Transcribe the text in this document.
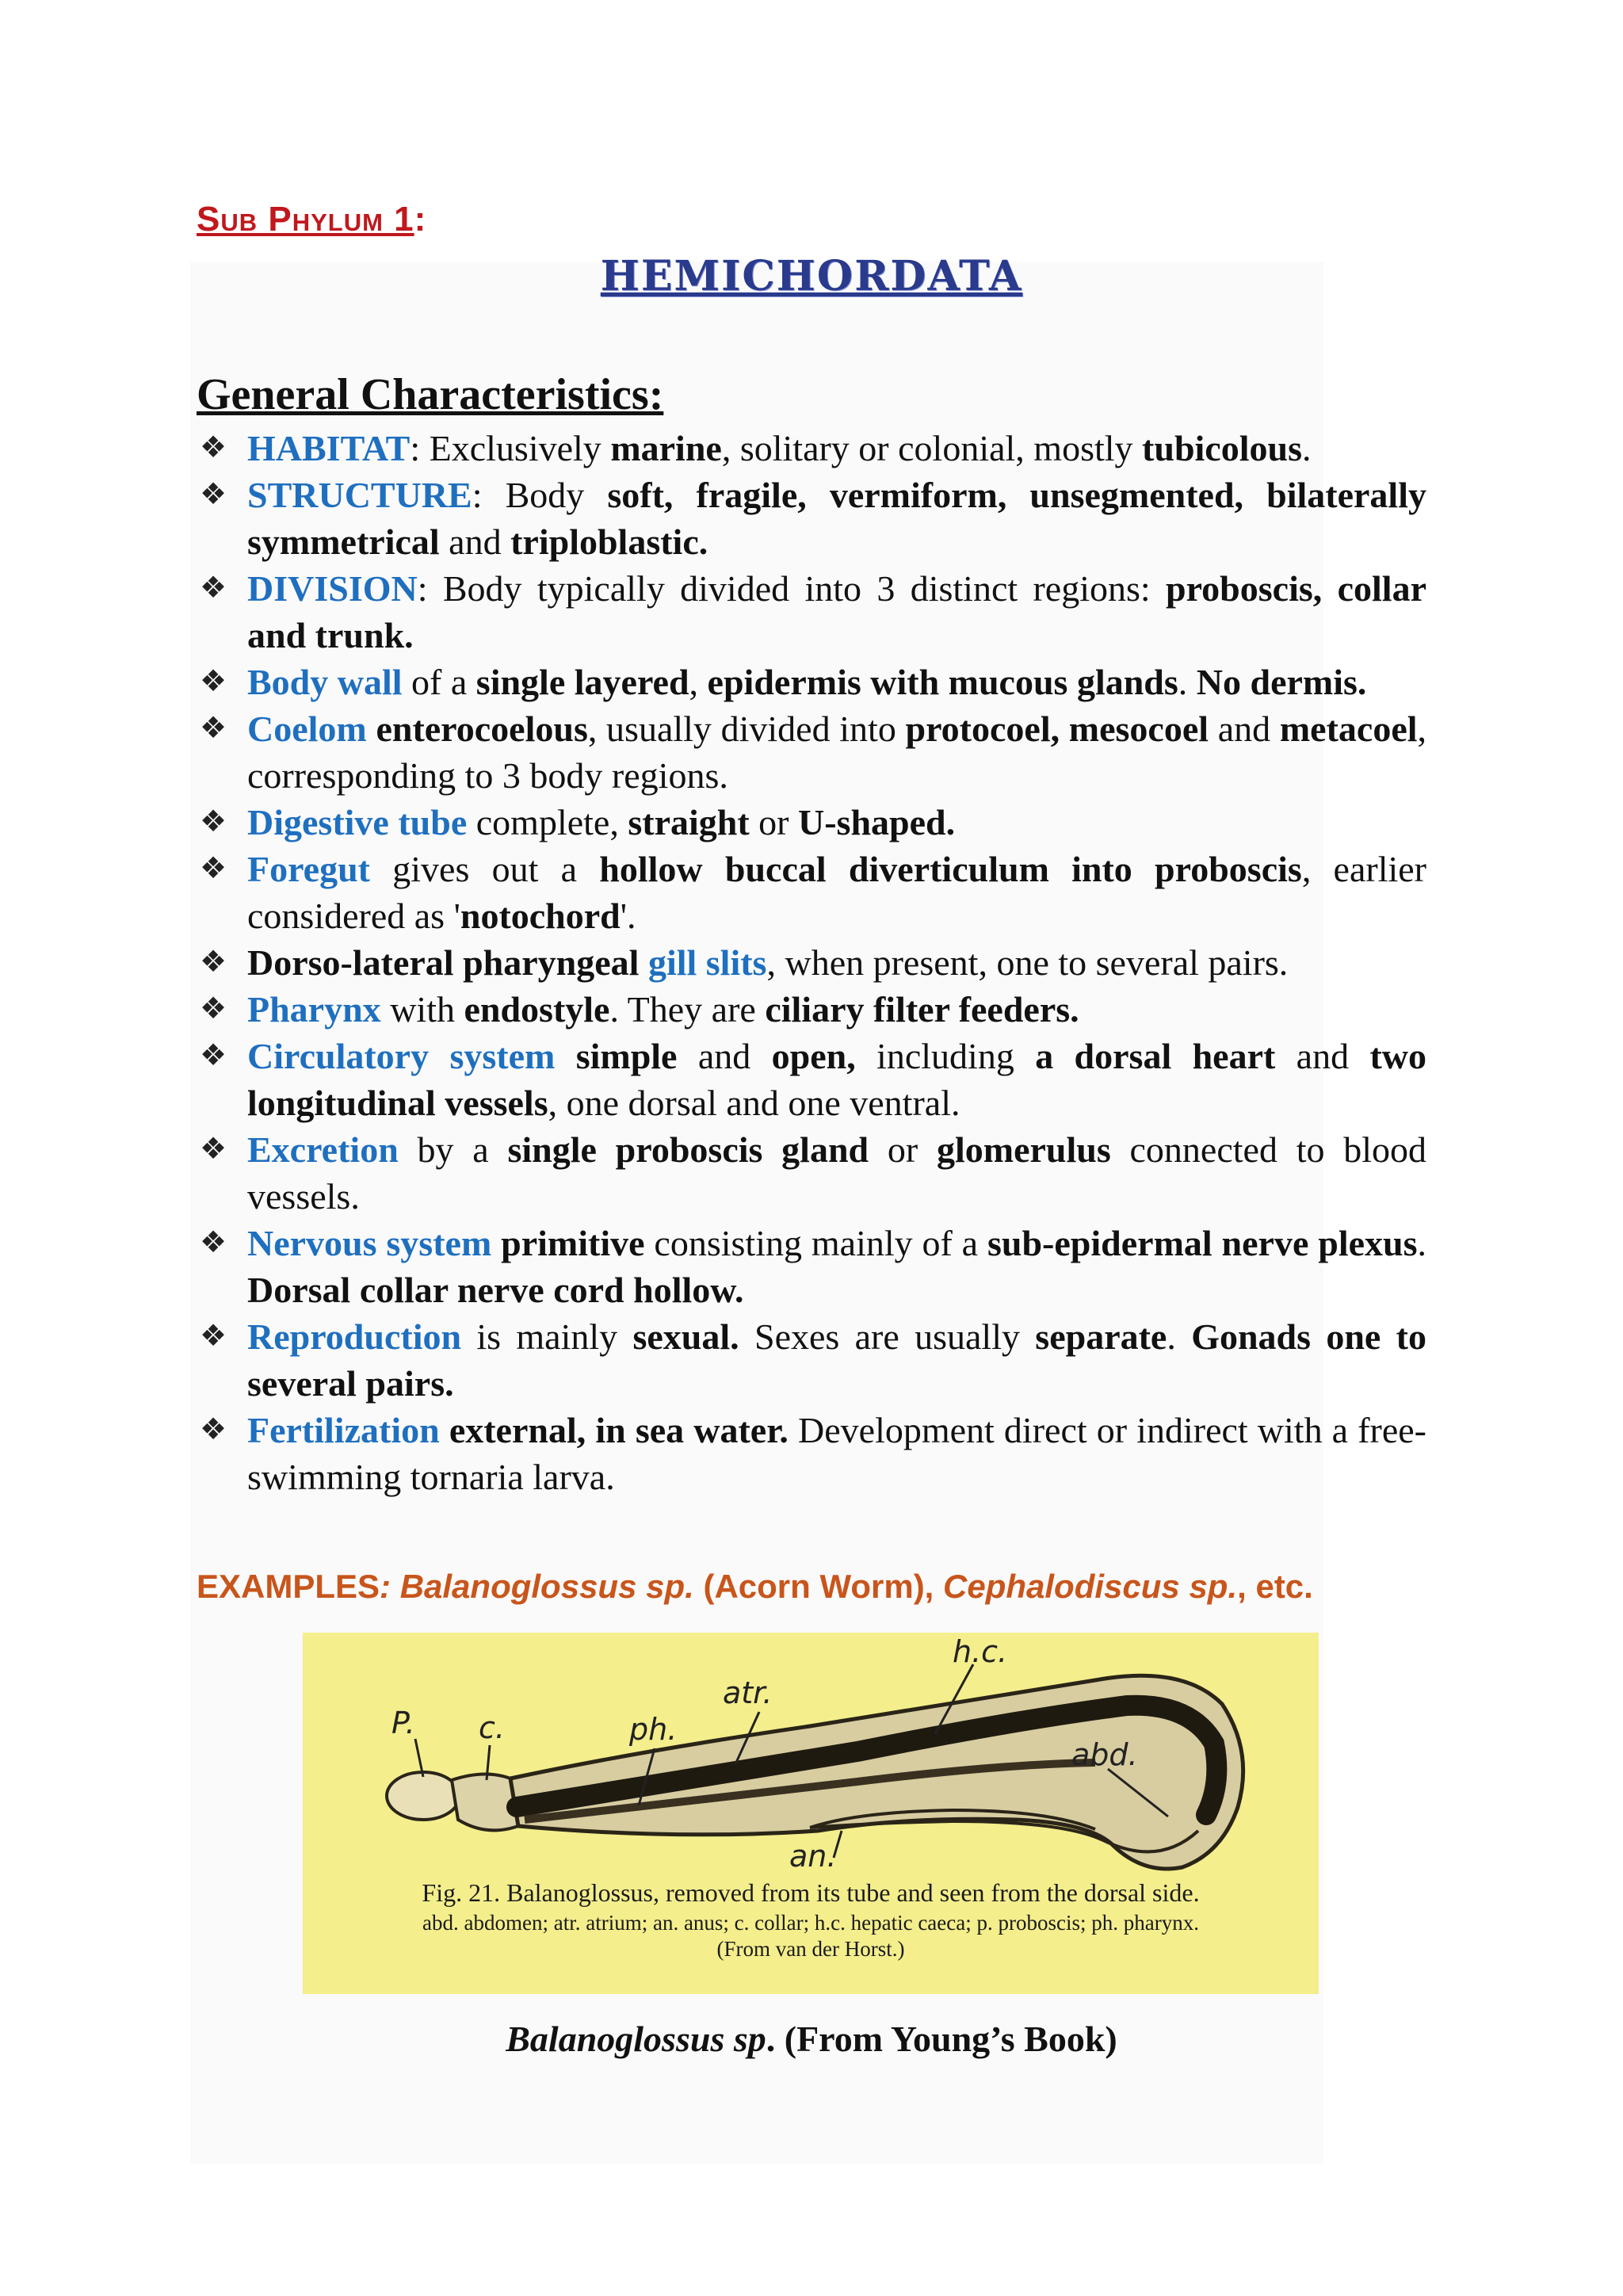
Sub Phylum 1:
HEMICHORDATA
General Characteristics:
❖ HABITAT: Exclusively marine, solitary or colonial, mostly tubicolous.
❖ STRUCTURE: Body soft, fragile, vermiform, unsegmented, bilaterally symmetrical and triploblastic.
❖ DIVISION: Body typically divided into 3 distinct regions: proboscis, collar and trunk.
❖ Body wall of a single layered, epidermis with mucous glands. No dermis.
❖ Coelom enterocoelous, usually divided into protocoel, mesocoel and metacoel, corresponding to 3 body regions.
❖ Digestive tube complete, straight or U-shaped.
❖ Foregut gives out a hollow buccal diverticulum into proboscis, earlier considered as 'notochord'.
❖ Dorso-lateral pharyngeal gill slits, when present, one to several pairs.
❖ Pharynx with endostyle. They are ciliary filter feeders.
❖ Circulatory system simple and open, including a dorsal heart and two longitudinal vessels, one dorsal and one ventral.
❖ Excretion by a single proboscis gland or glomerulus connected to blood vessels.
❖ Nervous system primitive consisting mainly of a sub-epidermal nerve plexus. Dorsal collar nerve cord hollow.
❖ Reproduction is mainly sexual. Sexes are usually separate. Gonads one to several pairs.
❖ Fertilization external, in sea water. Development direct or indirect with a free-swimming tornaria larva.
EXAMPLES: Balanoglossus sp. (Acorn Worm), Cephalodiscus sp., etc.
P. c.	ph.
atr.
h.c.
abd.
an.
Fig. 21. Balanoglossus, removed from its tube and seen from the dorsal side.
abd. abdomen; atr. atrium; an. anus; c. collar; h.c. hepatic caeca; p. proboscis; ph. pharynx.
(From van der Horst.)
Balanoglossus sp. (From Young’s Book)
